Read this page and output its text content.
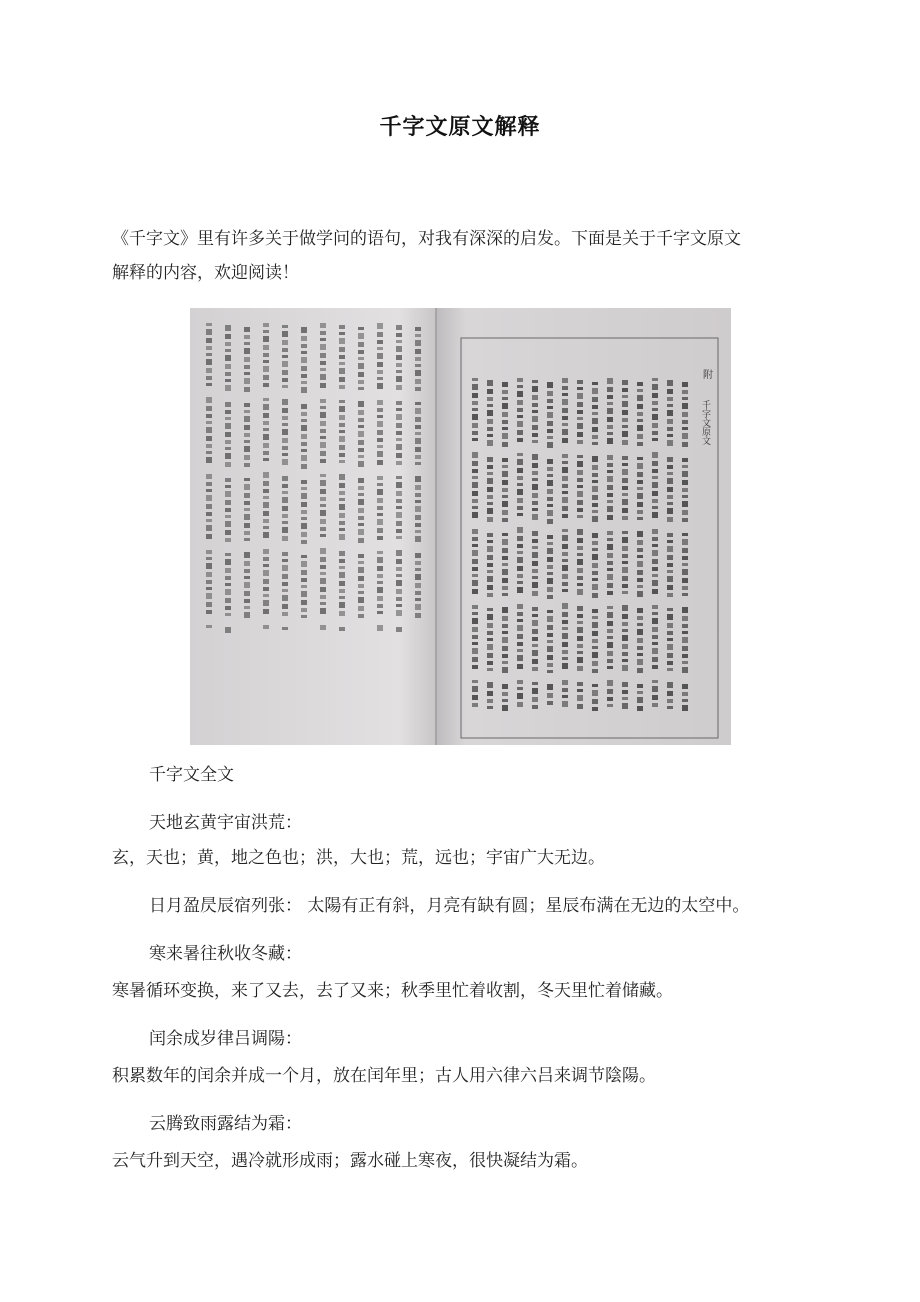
千字文原文解释
《千字文》里有许多关于做学问的语句，对我有深深的启发。下面是关于千字文原文
解释的内容，欢迎阅读！
附
千字文原文
千字文全文
天地玄黄宇宙洪荒：
玄，天也；黄，地之色也；洪，大也；荒，远也；宇宙广大无边。
日月盈昃辰宿列张： 太陽有正有斜，月亮有缺有圆；星辰布满在无边的太空中。
寒来暑往秋收冬藏：
寒暑循环变换，来了又去，去了又来；秋季里忙着收割，冬天里忙着储藏。
闰余成岁律吕调陽：
积累数年的闰余并成一个月，放在闰年里；古人用六律六吕来调节陰陽。
云腾致雨露结为霜：
云气升到天空，遇冷就形成雨；露水碰上寒夜，很快凝结为霜。
